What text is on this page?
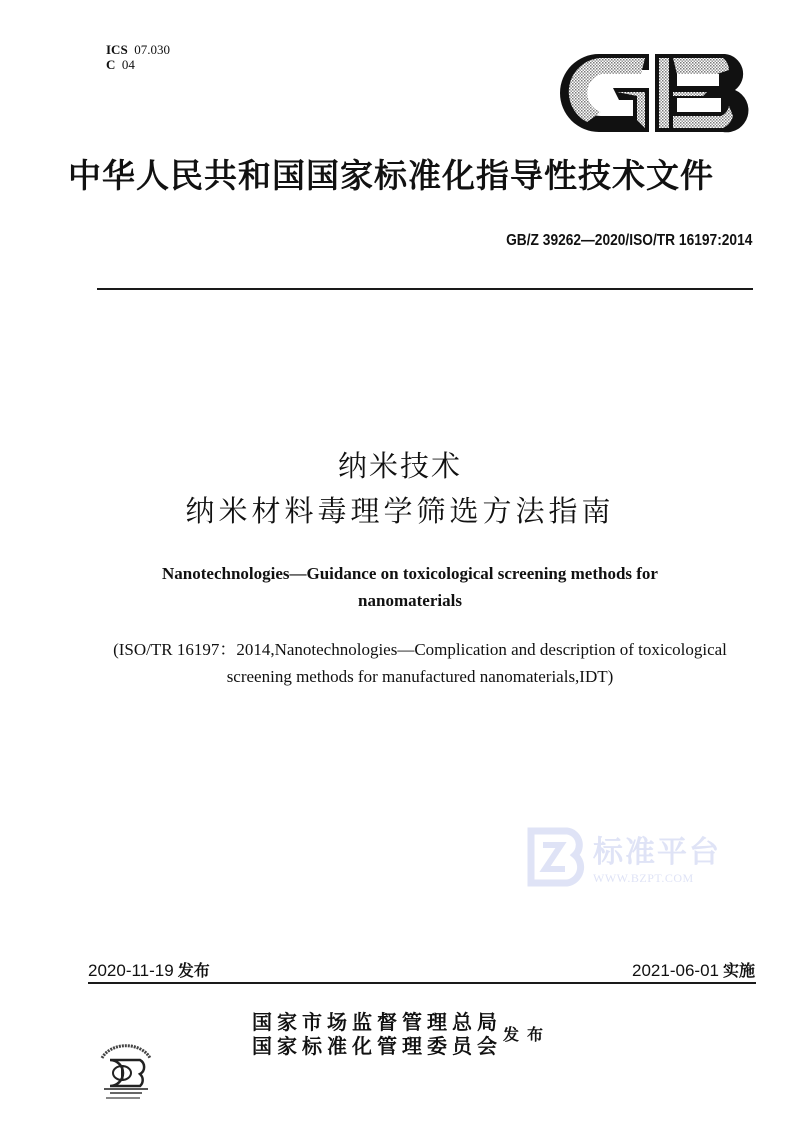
ICS 07.030
C 04
中华人民共和国国家标准化指导性技术文件
GB/Z 39262—2020/ISO/TR 16197:2014
纳米技术
纳米材料毒理学筛选方法指南
Nanotechnologies—Guidance on toxicological screening methods for nanomaterials
(ISO/TR 16197：2014,Nanotechnologies—Complication and description of toxicological screening methods for manufactured nanomaterials,IDT)
标准平台
WWW.BZPT.COM
2020-11-19 发布	2021-06-01 实施
国家市场监督管理总局
国家标准化管理委员会 发布
